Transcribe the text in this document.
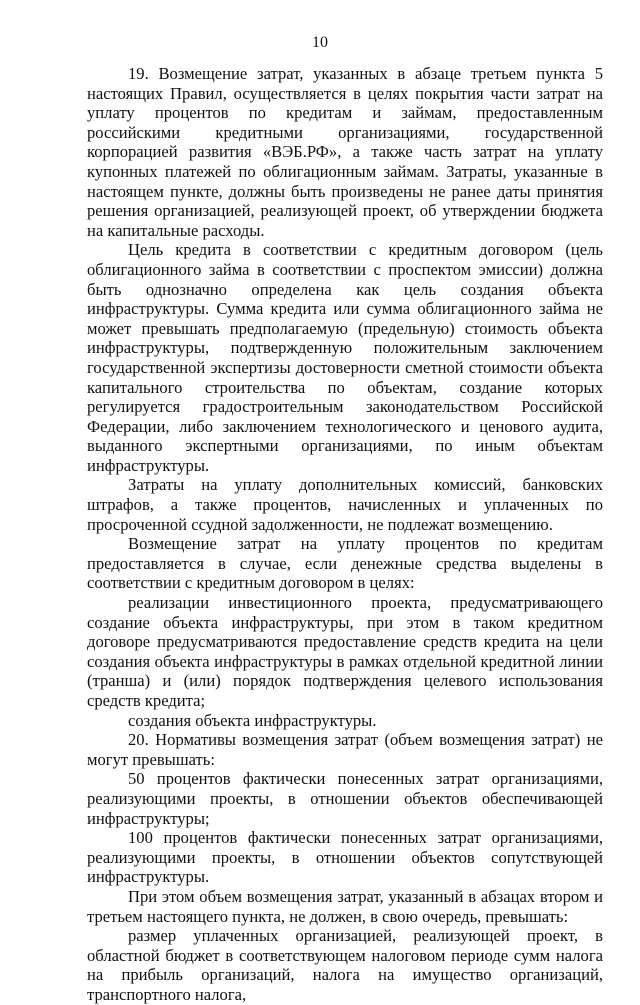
10

19. Возмещение затрат, указанных в абзаце третьем пункта 5 настоящих Правил, осуществляется в целях покрытия части затрат на уплату процентов по кредитам и займам, предоставленным российскими кредитными организациями, государственной корпорацией развития «ВЭБ.РФ», а также часть затрат на уплату купонных платежей по облигационным займам. Затраты, указанные в настоящем пункте, должны быть произведены не ранее даты принятия решения организацией, реализующей проект, об утверждении бюджета на капитальные расходы.

Цель кредита в соответствии с кредитным договором (цель облигационного займа в соответствии с проспектом эмиссии) должна быть однозначно определена как цель создания объекта инфраструктуры. Сумма кредита или сумма облигационного займа не может превышать предполагаемую (предельную) стоимость объекта инфраструктуры, подтвержденную положительным заключением государственной экспертизы достоверности сметной стоимости объекта капитального строительства по объектам, создание которых регулируется градостроительным законодательством Российской Федерации, либо заключением технологического и ценового аудита, выданного экспертными организациями, по иным объектам инфраструктуры.

Затраты на уплату дополнительных комиссий, банковских штрафов, а также процентов, начисленных и уплаченных по просроченной ссудной задолженности, не подлежат возмещению.

Возмещение затрат на уплату процентов по кредитам предоставляется в случае, если денежные средства выделены в соответствии с кредитным договором в целях:

реализации инвестиционного проекта, предусматривающего создание объекта инфраструктуры, при этом в таком кредитном договоре предусматриваются предоставление средств кредита на цели создания объекта инфраструктуры в рамках отдельной кредитной линии (транша) и (или) порядок подтверждения целевого использования средств кредита;

создания объекта инфраструктуры.

20. Нормативы возмещения затрат (объем возмещения затрат) не могут превышать:

50 процентов фактически понесенных затрат организациями, реализующими проекты, в отношении объектов обеспечивающей инфраструктуры;

100 процентов фактически понесенных затрат организациями, реализующими проекты, в отношении объектов сопутствующей инфраструктуры.

При этом объем возмещения затрат, указанный в абзацах втором и третьем настоящего пункта, не должен, в свою очередь, превышать:

размер уплаченных организацией, реализующей проект, в областной бюджет в соответствующем налоговом периоде сумм налога на прибыль организаций, налога на имущество организаций, транспортного налога,
